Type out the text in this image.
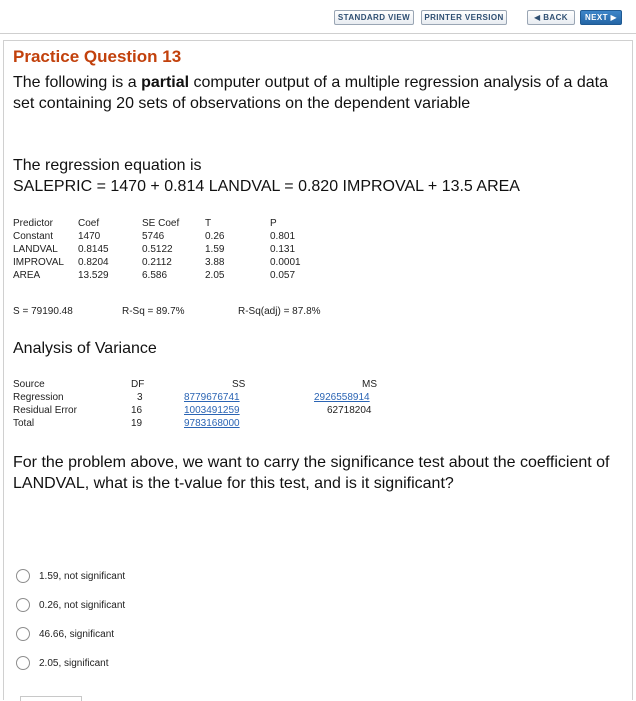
STANDARD VIEW	PRINTER VERSION	◀ BACK	NEXT ▶
Practice Question 13
The following is a partial computer output of a multiple regression analysis of a data set containing 20 sets of observations on the dependent variable
The regression equation is
SALEPRIC = 1470 + 0.814 LANDVAL = 0.820 IMPROVAL + 13.5 AREA
Predictor Coef	SE Coef	T	P
Constant 1470	5746	0.26	0.801
LANDVAL 0.8145	0.5122	1.59	0.131
IMPROVAL 0.8204	0.2112	3.88	0.0001
AREA	13.529	6.586	2.05	0.057
S = 79190.48	R-Sq = 89.7%	R-Sq(adj) = 87.8%
Analysis of Variance
Source	DF	SS	MS
Regression	3	8779676741	2926558914
Residual Error	16	1003491259	62718204
Total	19	9783168000
For the problem above, we want to carry the significance test about the coefficient of LANDVAL, what is the t-value for this test, and is it significant?
1.59, not significant
0.26, not significant
46.66, significant
2.05, significant
